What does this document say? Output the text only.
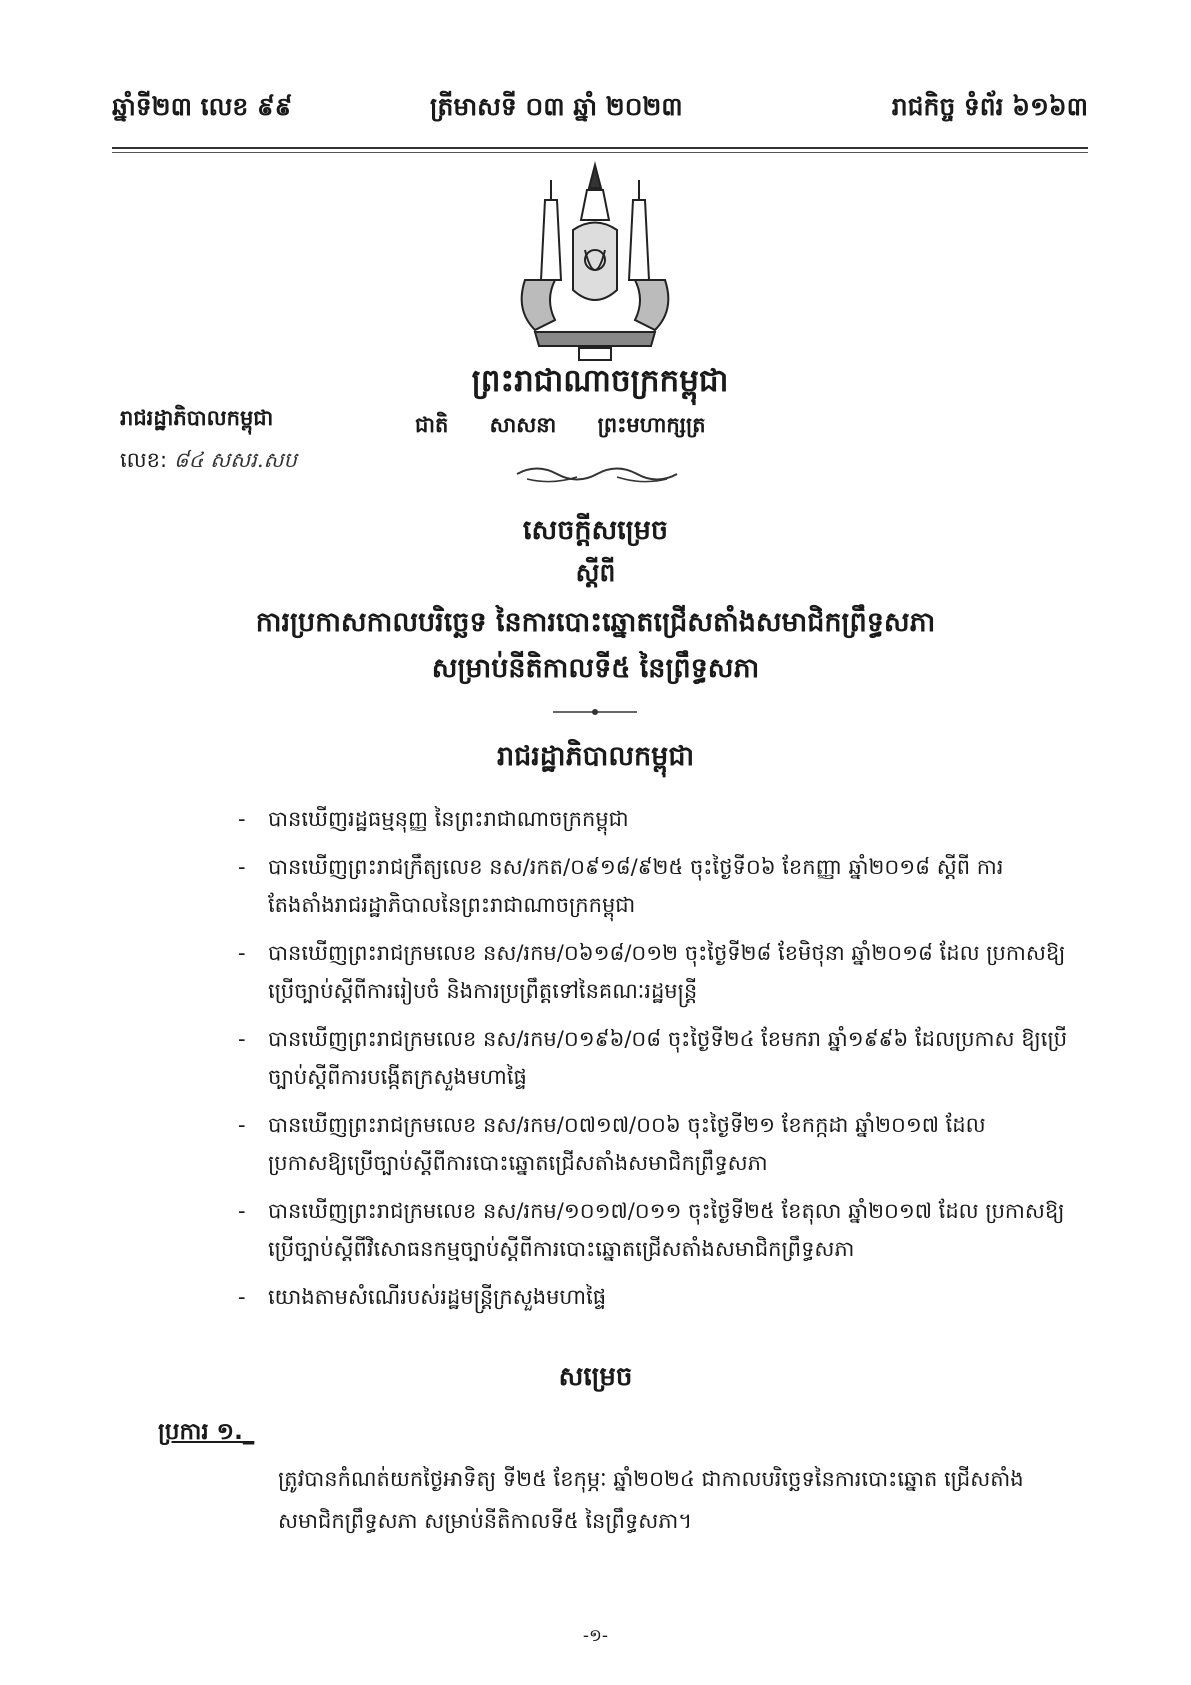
ឆ្នាំទី២៣ លេខ ៩៩	ត្រីមាសទី ០៣ ឆ្នាំ ២០២៣	រាជកិច្ច ទំព័រ ៦១៦៣
ព្រះរាជាណាចក្រកម្ពុជា
ជាតិ សាសនា ព្រះមហាក្សត្រ
រាជរដ្ឋាភិបាលកម្ពុជា
លេខ: ៨៤ សសរ.សប
សេចក្តីសម្រេច
ស្តីពី
ការប្រកាសកាលបរិច្ឆេទ នៃការបោះឆ្នោតជ្រើសតាំងសមាជិកព្រឹទ្ធសភា
សម្រាប់នីតិកាលទី៥ នៃព្រឹទ្ធសភា
រាជរដ្ឋាភិបាលកម្ពុជា
- បានឃើញរដ្ឋធម្មនុញ្ញ នៃព្រះរាជាណាចក្រកម្ពុជា
- បានឃើញព្រះរាជក្រឹត្យលេខ នស/រកត/០៩១៨/៩២៥ ចុះថ្ងៃទី០៦ ខែកញ្ញា ឆ្នាំ២០១៨ ស្តីពី ការតែងតាំងរាជរដ្ឋាភិបាលនៃព្រះរាជាណាចក្រកម្ពុជា
- បានឃើញព្រះរាជក្រមលេខ នស/រកម/០៦១៨/០១២ ចុះថ្ងៃទី២៨ ខែមិថុនា ឆ្នាំ២០១៨ ដែល ប្រកាសឱ្យប្រើច្បាប់ស្តីពីការរៀបចំ និងការប្រព្រឹត្តទៅនៃគណៈរដ្ឋមន្ត្រី
- បានឃើញព្រះរាជក្រមលេខ នស/រកម/០១៩៦/០៨ ចុះថ្ងៃទី២៤ ខែមករា ឆ្នាំ១៩៩៦ ដែលប្រកាស ឱ្យប្រើច្បាប់ស្តីពីការបង្កើតក្រសួងមហាផ្ទៃ
- បានឃើញព្រះរាជក្រមលេខ នស/រកម/០៧១៧/០០៦ ចុះថ្ងៃទី២១ ខែកក្កដា ឆ្នាំ២០១៧ ដែល ប្រកាសឱ្យប្រើច្បាប់ស្តីពីការបោះឆ្នោតជ្រើសតាំងសមាជិកព្រឹទ្ធសភា
- បានឃើញព្រះរាជក្រមលេខ នស/រកម/១០១៧/០១១ ចុះថ្ងៃទី២៥ ខែតុលា ឆ្នាំ២០១៧ ដែល ប្រកាសឱ្យប្រើច្បាប់ស្តីពីវិសោធនកម្មច្បាប់ស្តីពីការបោះឆ្នោតជ្រើសតាំងសមាជិកព្រឹទ្ធសភា
- យោងតាមសំណើរបស់រដ្ឋមន្ត្រីក្រសួងមហាផ្ទៃ
សម្រេច
ប្រការ ១._
ត្រូវបានកំណត់យកថ្ងៃអាទិត្យ ទី២៥ ខែកុម្ភៈ ឆ្នាំ២០២៤ ជាកាលបរិច្ឆេទនៃការបោះឆ្នោត ជ្រើសតាំងសមាជិកព្រឹទ្ធសភា សម្រាប់នីតិកាលទី៥ នៃព្រឹទ្ធសភា។
-១-
